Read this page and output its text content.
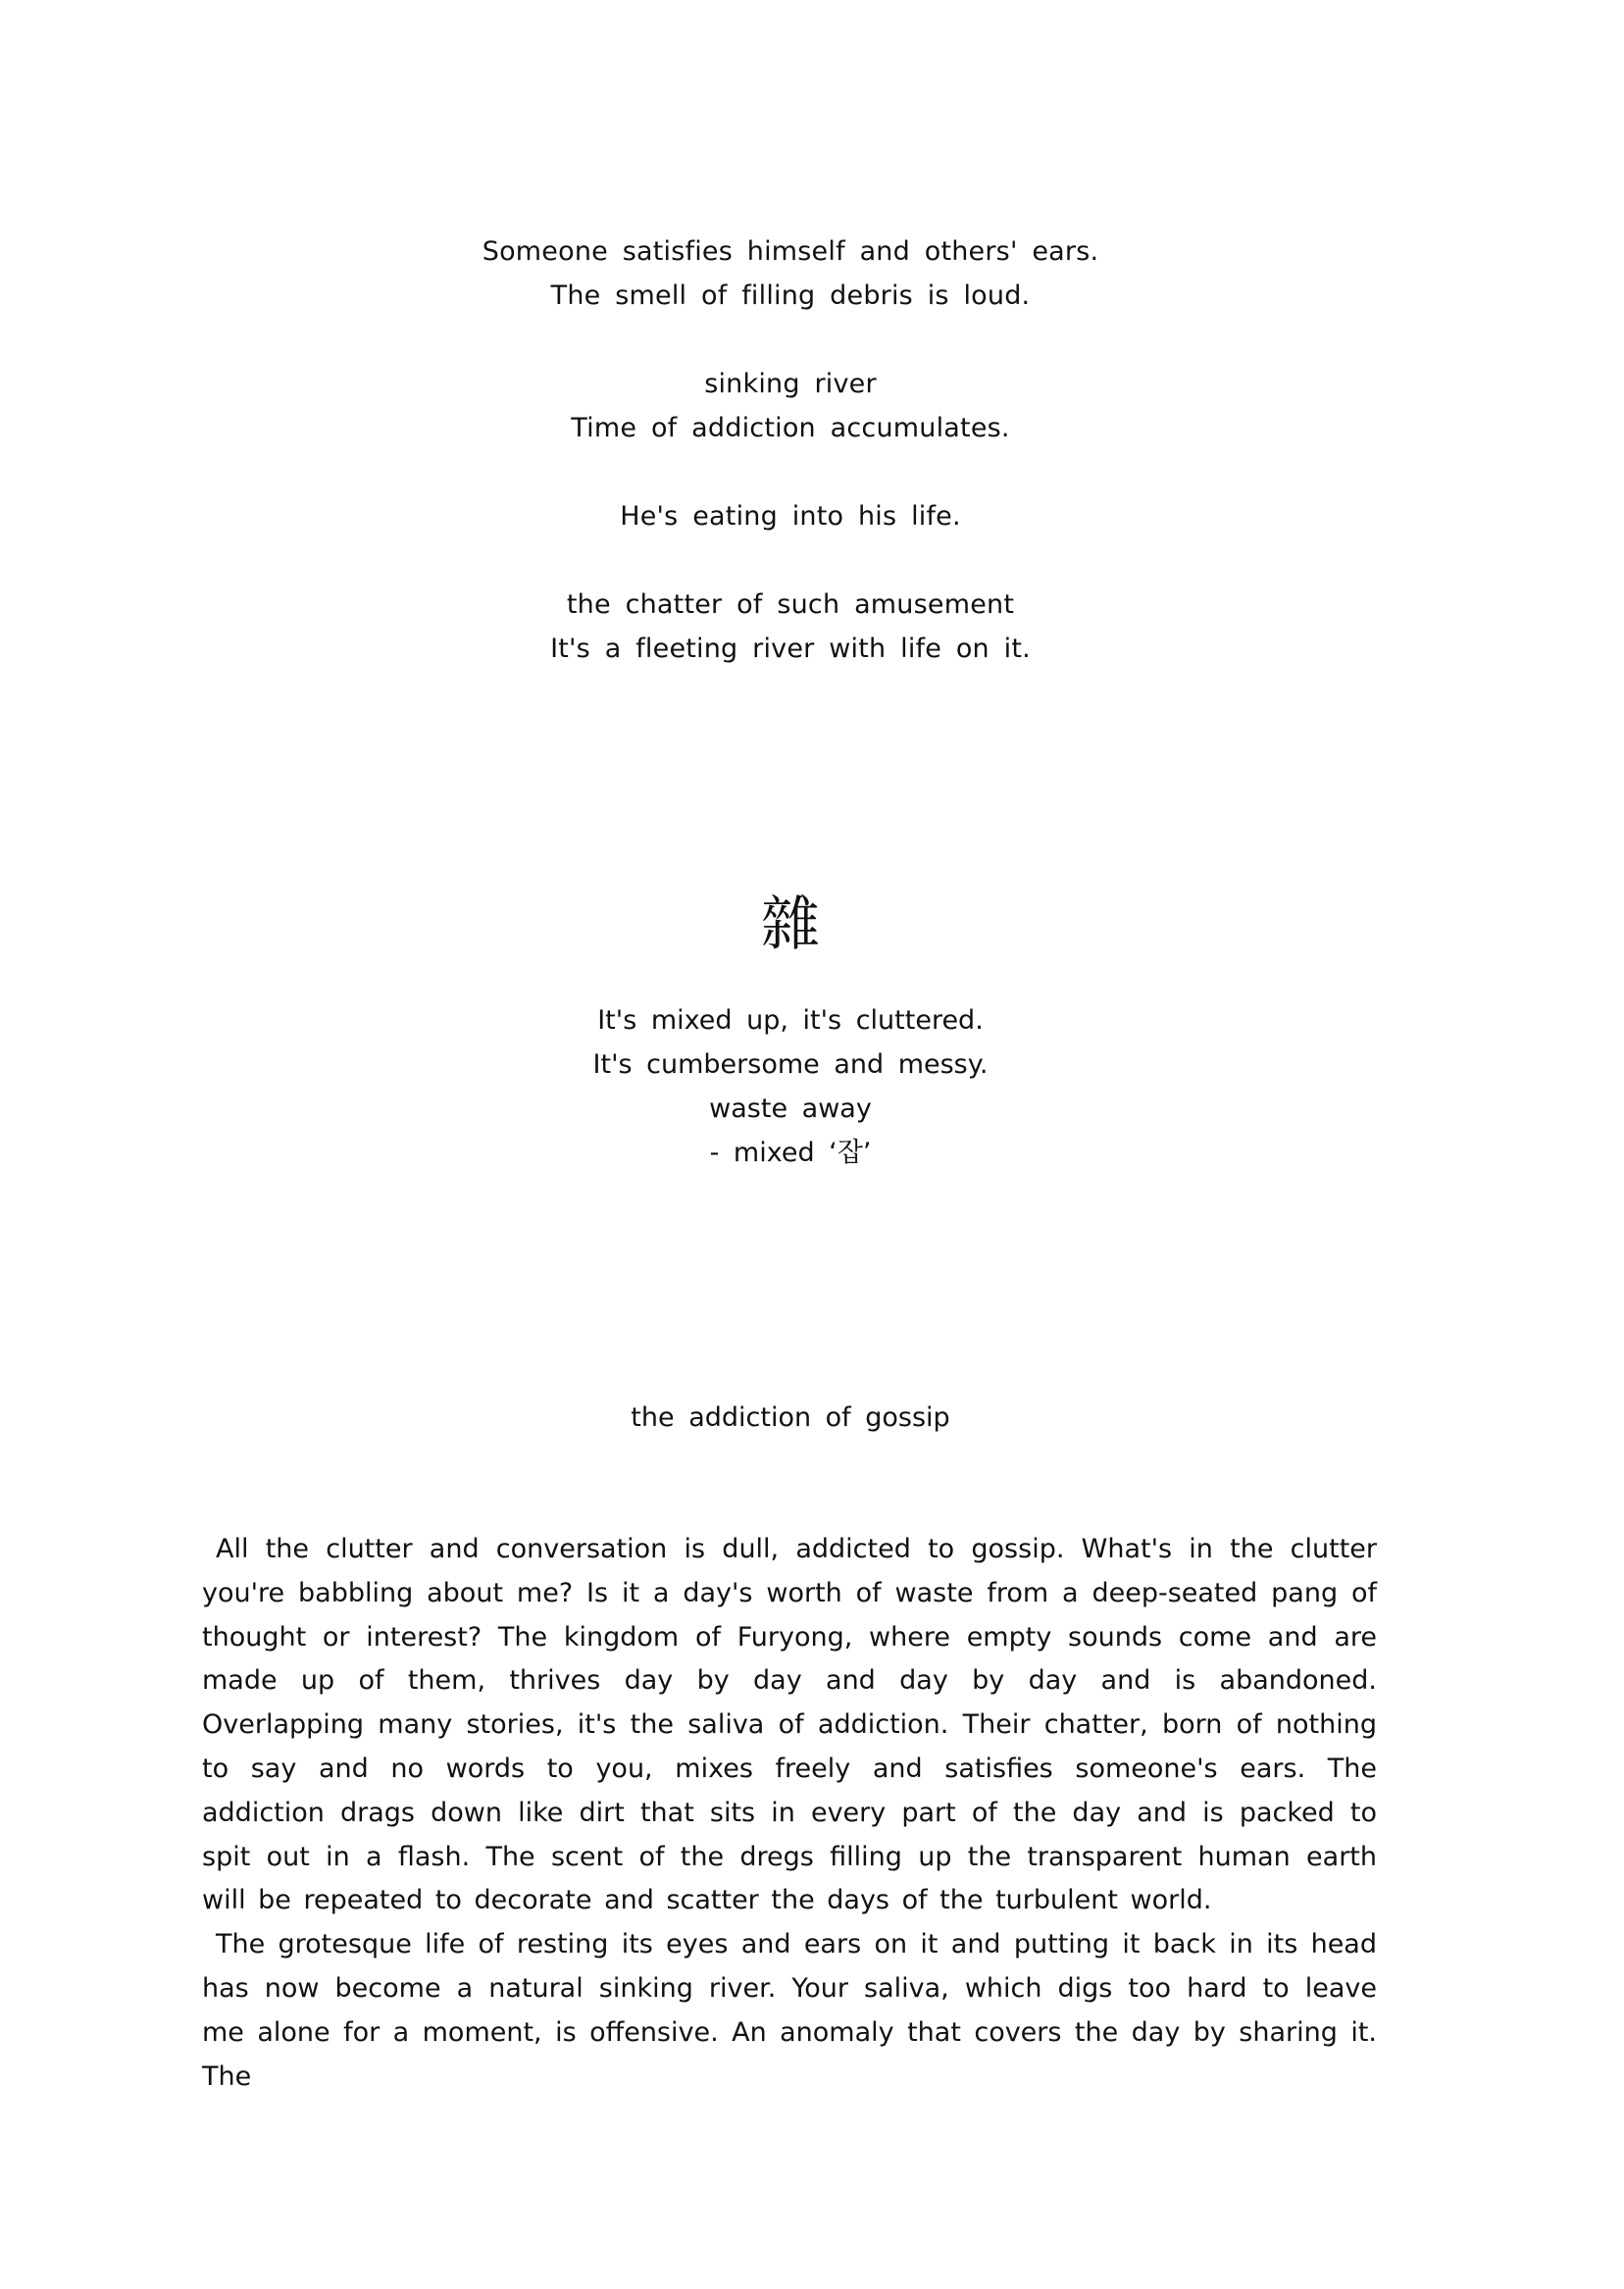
Someone satisfies himself and others' ears.
The smell of filling debris is loud.
sinking river
Time of addiction accumulates.
He's eating into his life.
the chatter of such amusement
It's a fleeting river with life on it.
雜
It's mixed up, it's cluttered.
It's cumbersome and messy.
waste away
- mixed ‘잡’
the addiction of gossip

All the clutter and conversation is dull, addicted to gossip. What's in the clutter you're babbling about me? Is it a day's worth of waste from a deep-seated pang of thought or interest? The kingdom of Furyong, where empty sounds come and are made up of them, thrives day by day and day by day and is abandoned. Overlapping many stories, it's the saliva of addiction. Their chatter, born of nothing to say and no words to you, mixes freely and satisfies someone's ears. The addiction drags down like dirt that sits in every part of the day and is packed to spit out in a flash. The scent of the dregs filling up the transparent human earth will be repeated to decorate and scatter the days of the turbulent world.

The grotesque life of resting its eyes and ears on it and putting it back in its head has now become a natural sinking river. Your saliva, which digs too hard to leave me alone for a moment, is offensive. An anomaly that covers the day by sharing it. The
